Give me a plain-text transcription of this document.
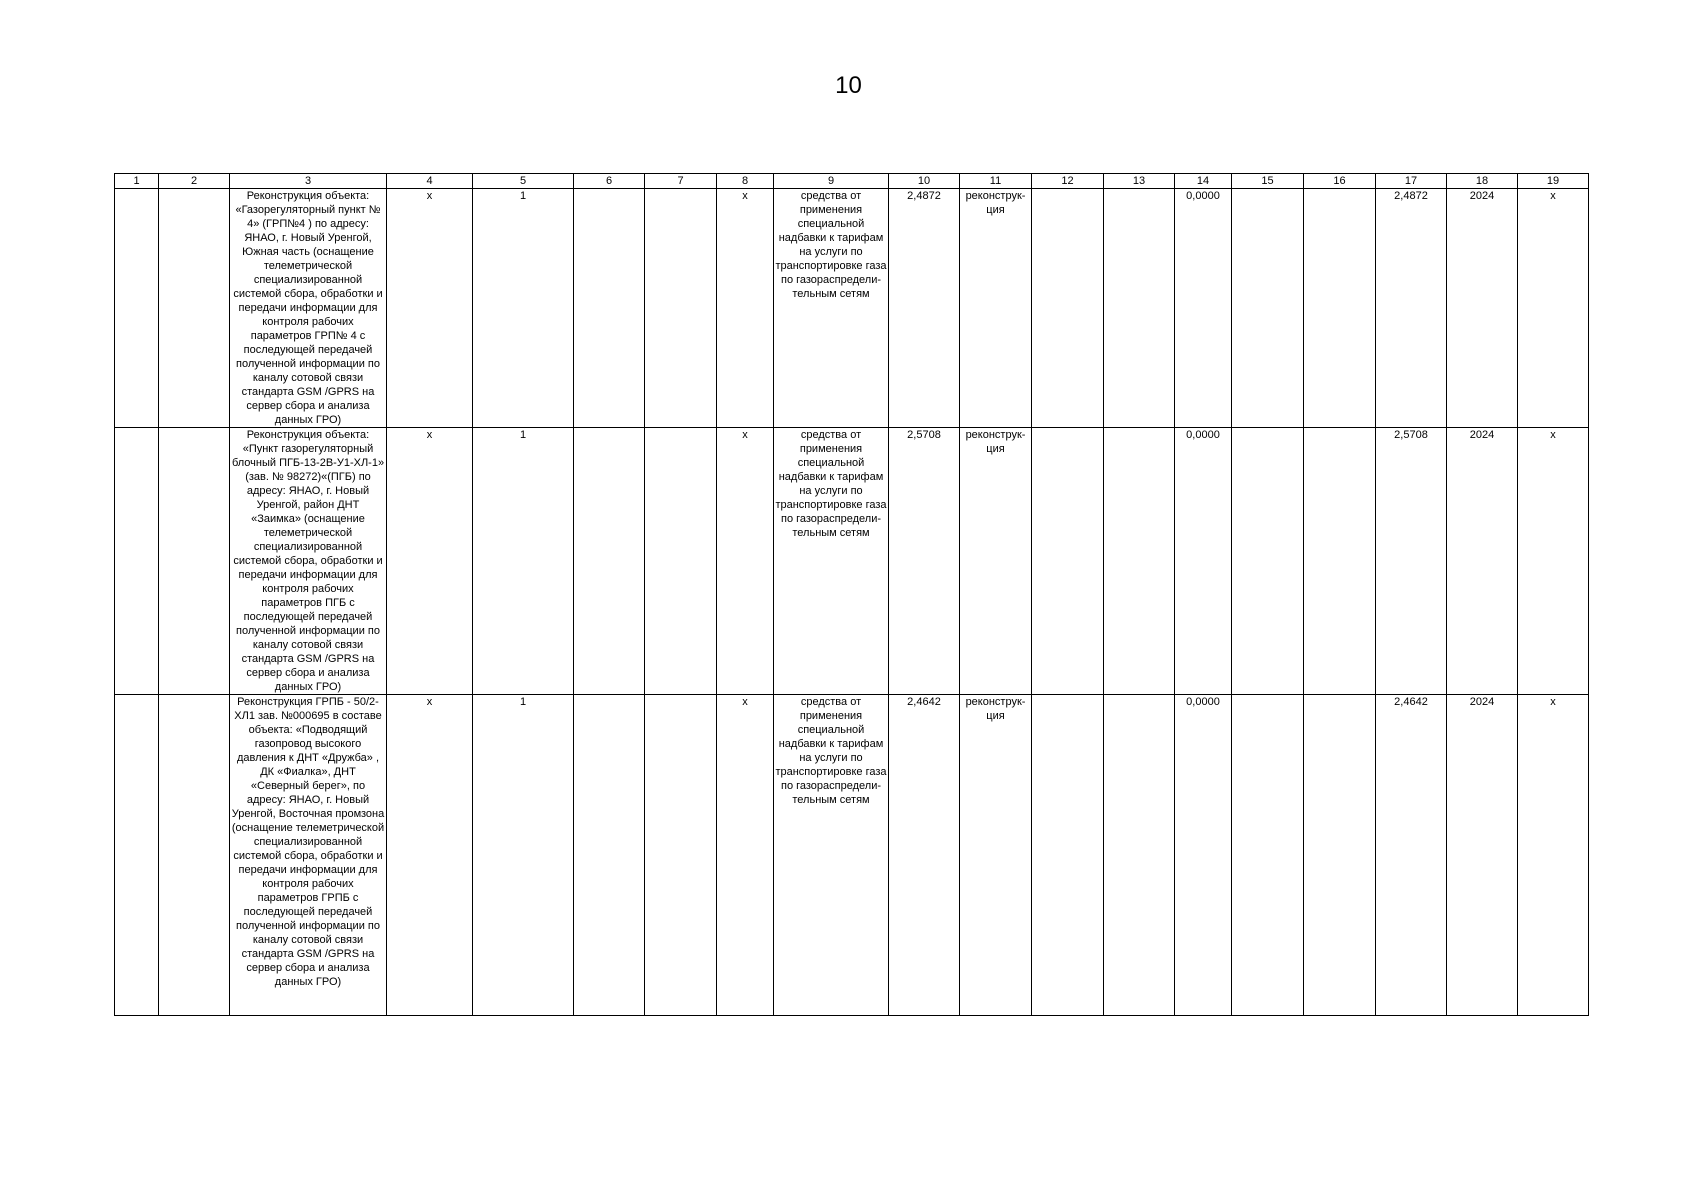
10
1	2	3	4	5	6	7	8	9	10	11	12	13	14	15	16	17	18	19
		Реконструкция объекта: «Газорегуляторный пункт № 4» (ГРП№4 ) по адресу: ЯНАО, г. Новый Уренгой, Южная часть (оснащение телеметрической специализированной системой сбора, обработки и передачи информации для контроля рабочих параметров ГРП№ 4 с последующей передачей полученной информации по каналу сотовой связи стандарта GSM /GPRS на сервер сбора и анализа данных ГРО)	х	1			х	средства от применения специальной надбавки к тарифам на услуги по транспортировке газа по газораспредели-тельным сетям	2,4872	реконструк-ция			0,0000			2,4872	2024	х
		Реконструкция объекта: «Пункт газорегуляторный блочный ПГБ-13-2В-У1-ХЛ-1» (зав. № 98272)«(ПГБ) по адресу: ЯНАО, г. Новый Уренгой, район ДНТ «Заимка» (оснащение телеметрической специализированной системой сбора, обработки и передачи информации для контроля рабочих параметров ПГБ с последующей передачей полученной информации по каналу сотовой связи стандарта GSM /GPRS на сервер сбора и анализа данных ГРО)	х	1			х	средства от применения специальной надбавки к тарифам на услуги по транспортировке газа по газораспредели-тельным сетям	2,5708	реконструк-ция			0,0000			2,5708	2024	х
		Реконструкция ГРПБ - 50/2-ХЛ1 зав. №000695 в составе объекта: «Подводящий газопровод высокого давления к ДНТ «Дружба» , ДК «Фиалка», ДНТ «Северный берег», по адресу: ЯНАО, г. Новый Уренгой, Восточная промзона (оснащение телеметрической специализированной системой сбора, обработки и передачи информации для контроля рабочих параметров ГРПБ с последующей передачей полученной информации по каналу сотовой связи стандарта GSM /GPRS на сервер сбора и анализа данных ГРО)	х	1			х	средства от применения специальной надбавки к тарифам на услуги по транспортировке газа по газораспредели-тельным сетям	2,4642	реконструк-ция			0,0000			2,4642	2024	х
